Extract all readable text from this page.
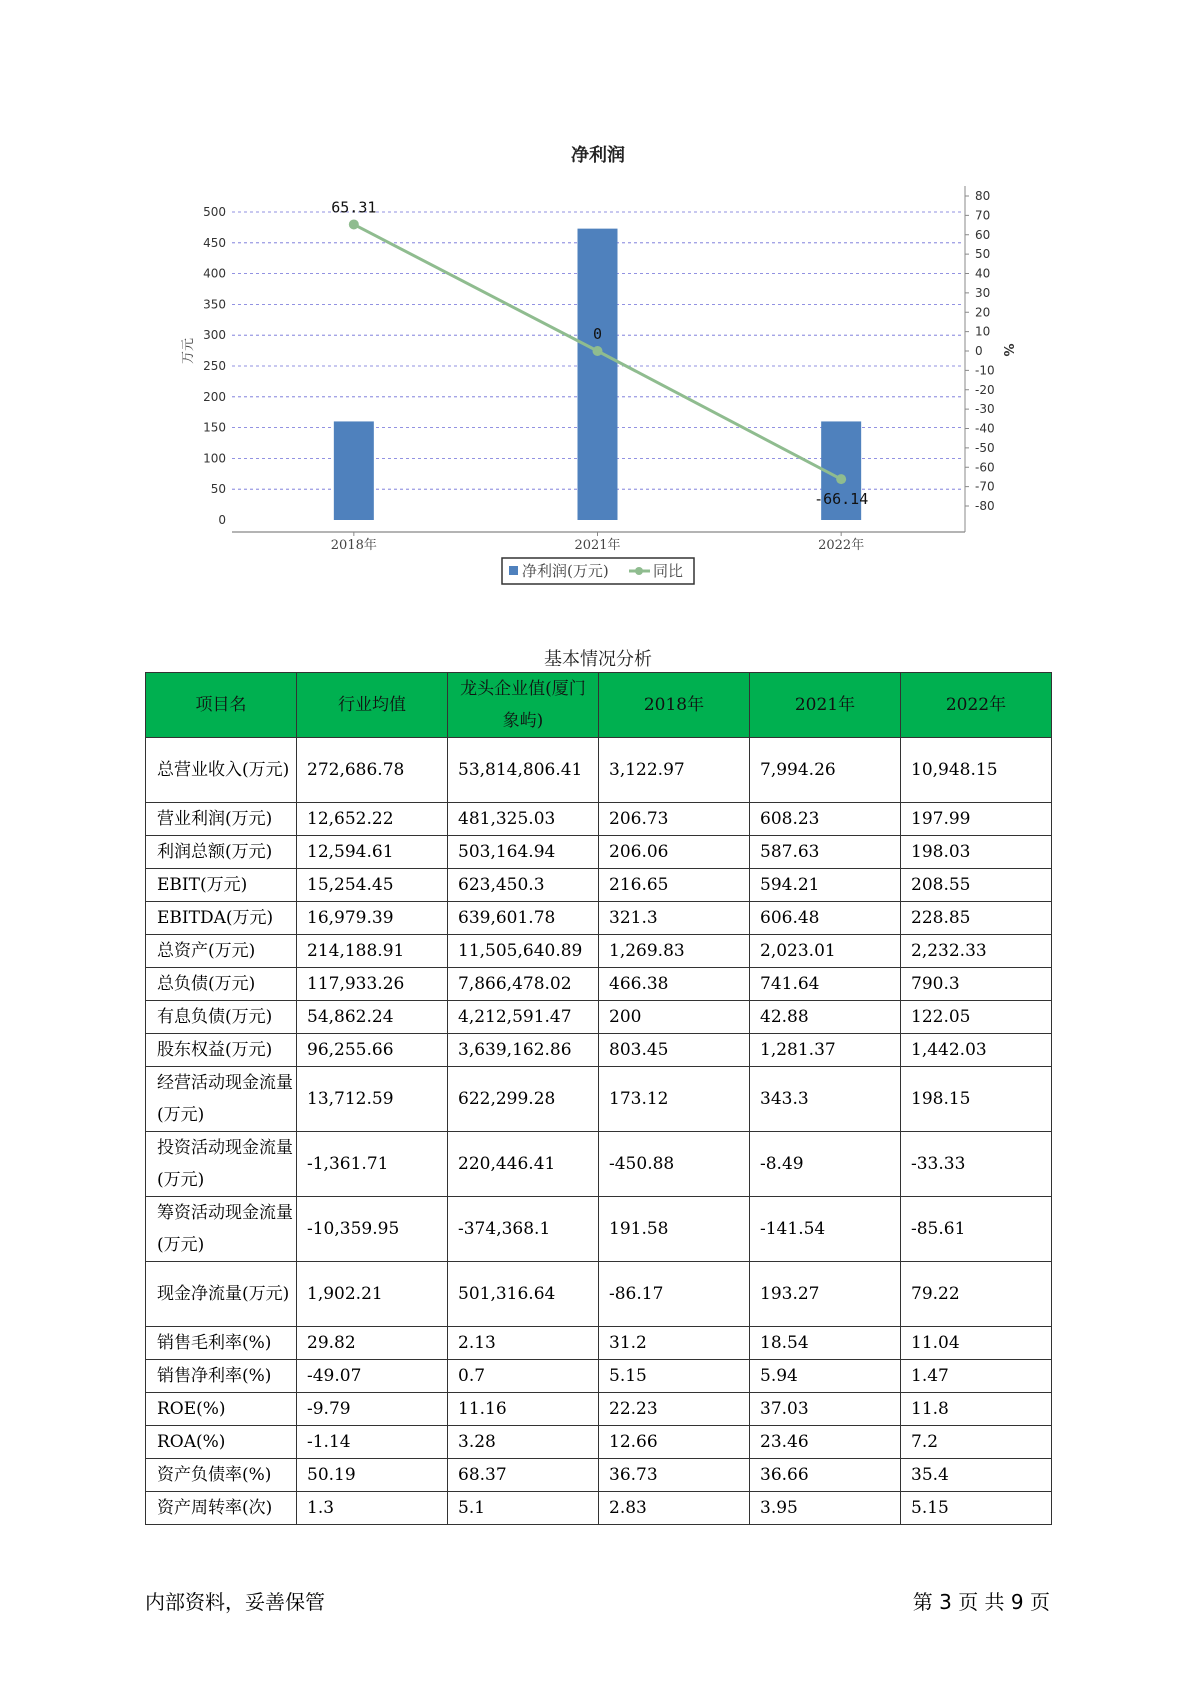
净利润
0
50
100
150
200
250
300
350
400
450
500
80
70
60
50
40
30
20
10
0
-10
-20
-30
-40
-50
-60
-70
-80
65.31
0
-66.14
2018年	2021年	2022年
万元	%
净利润(万元)	同比
基本情况分析
项目名	行业均值	龙头企业值(厦门象屿)	2018年	2021年	2022年
总营业收入(万元)	272,686.78	53,814,806.41	3,122.97	7,994.26	10,948.15
营业利润(万元)	12,652.22	481,325.03	206.73	608.23	197.99
利润总额(万元)	12,594.61	503,164.94	206.06	587.63	198.03
EBIT(万元)	15,254.45	623,450.3	216.65	594.21	208.55
EBITDA(万元)	16,979.39	639,601.78	321.3	606.48	228.85
总资产(万元)	214,188.91	11,505,640.89	1,269.83	2,023.01	2,232.33
总负债(万元)	117,933.26	7,866,478.02	466.38	741.64	790.3
有息负债(万元)	54,862.24	4,212,591.47	200	42.88	122.05
股东权益(万元)	96,255.66	3,639,162.86	803.45	1,281.37	1,442.03
经营活动现金流量(万元)	13,712.59	622,299.28	173.12	343.3	198.15
投资活动现金流量(万元)	-1,361.71	220,446.41	-450.88	-8.49	-33.33
筹资活动现金流量(万元)	-10,359.95	-374,368.1	191.58	-141.54	-85.61
现金净流量(万元)	1,902.21	501,316.64	-86.17	193.27	79.22
销售毛利率(%)	29.82	2.13	31.2	18.54	11.04
销售净利率(%)	-49.07	0.7	5.15	5.94	1.47
ROE(%)	-9.79	11.16	22.23	37.03	11.8
ROA(%)	-1.14	3.28	12.66	23.46	7.2
资产负债率(%)	50.19	68.37	36.73	36.66	35.4
资产周转率(次)	1.3	5.1	2.83	3.95	5.15
内部资料，妥善保管	第 3 页 共 9 页
